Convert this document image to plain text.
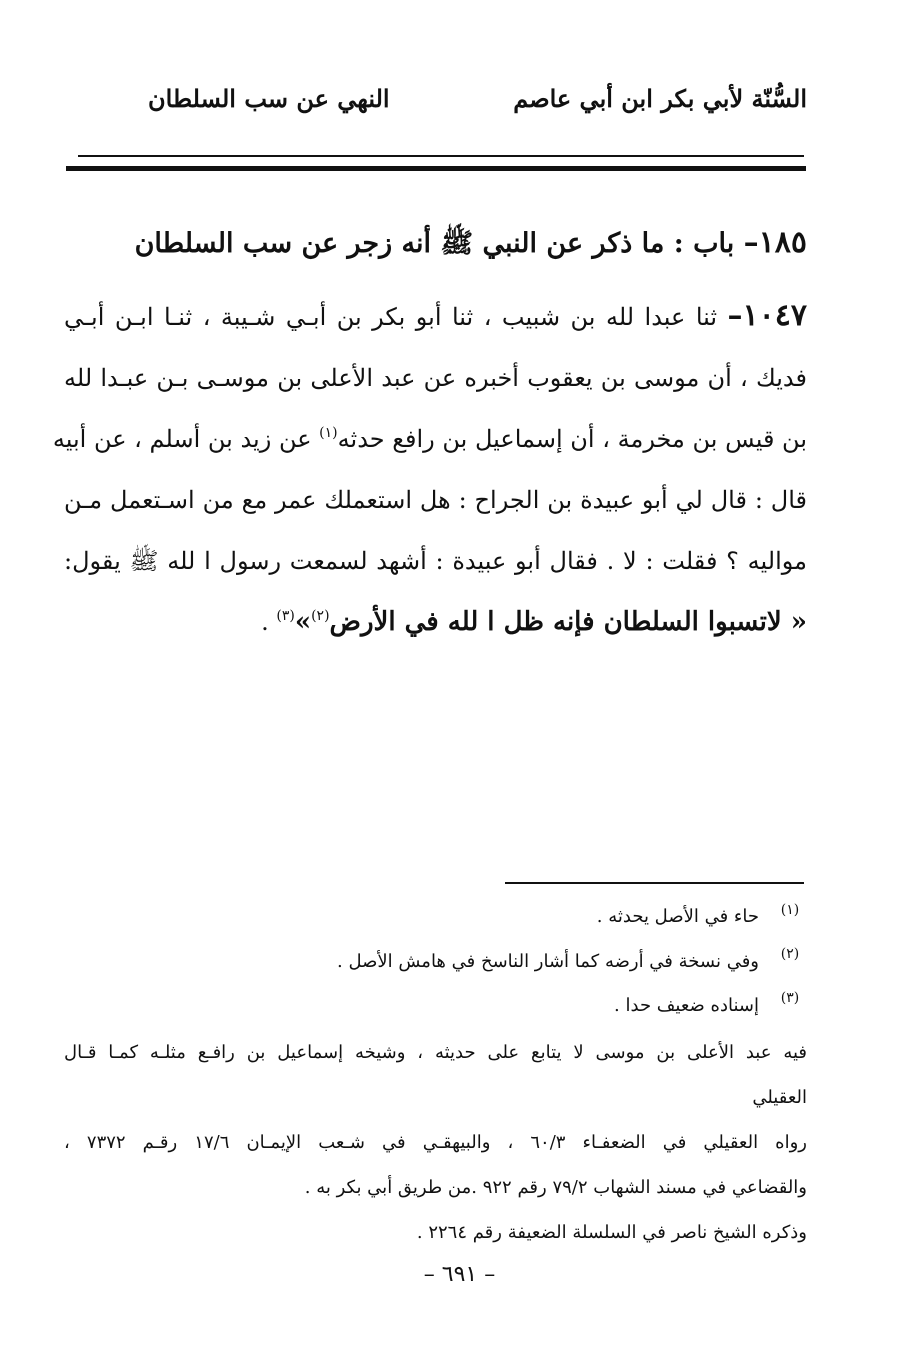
السُّنّة لأبي بكر ابن أبي عاصم
النهي عن سب السلطان
١٨٥– باب : ما ذكر عن النبي ﷺ أنه زجر عن سب السلطان
١٠٤٧– ثنا عبدا لله بن شبيب ، ثنا أبو بكر بن أبـي شـيبة ، ثنـا ابـن أبـي
فديك ، أن موسى بن يعقوب أخبره عن عبد الأعلى بن موسـى بـن عبـدا لله
بن قيس بن مخرمة ، أن إسماعيل بن رافع حدثه$^{(١)}$ عن زيد بن أسلم ، عن أبيه
قال : قال لي أبو عبيدة بن الجراح : هل استعملك عمر مع من اسـتعمل مـن
مواليه ؟ فقلت : لا . فقال أبو عبيدة : أشهد لسمعت رسول ا لله ﷺ يقول:
« لاتسبوا السلطان فإنه ظل ا لله في الأرض$^{(٢)}$»$^{(٣)}$ .
(١)
حاء في الأصل يحدثه .
(٢)
وفي نسخة في أرضه كما أشار الناسخ في هامش الأصل .
(٣)
إسناده ضعيف حدا .
فيه عبد الأعلى بن موسى لا يتابع على حديثه ، وشيخه إسماعيل بن رافـع مثلـه كمـا قـال
العقيلي
رواه العقيلي في الضعفـاء ٦٠/٣ ، والبيهقـي في شـعب الإيمـان ١٧/٦ رقـم ٧٣٧٢ ،
والقضاعي في مسند الشهاب ٧٩/٢ رقم ٩٢٢ .من طريق أبي بكر به .
وذكره الشيخ ناصر في السلسلة الضعيفة رقم ٢٢٦٤ .
– ٦٩١ –
